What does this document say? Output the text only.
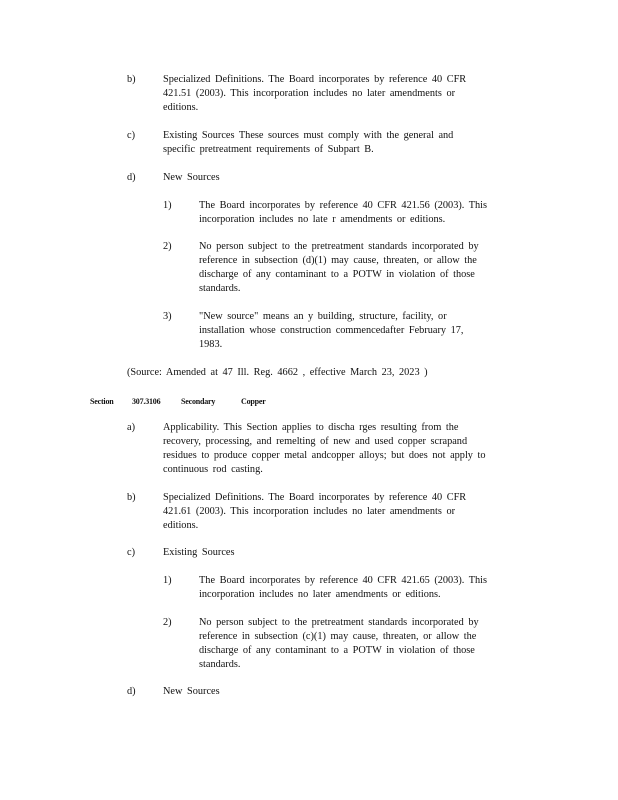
b)	Specialized Definitions. The Board incorporates by reference 40 CFR
421.51 (2003). This incorporation includes no later amendments or
editions.
c)	Existing Sources These sources must comply with the general and
specific pretreatment requirements of Subpart B.
d)	New Sources
1)	The Board incorporates by reference 40 CFR 421.56 (2003). This
incorporation includes no late r amendments or editions.
2)	No person subject to the pretreatment standards incorporated by
reference in subsection (d)(1) may cause, threaten, or allow the
discharge of any contaminant to a POTW in violation of those
standards.
3)	"New source" means an y building, structure, facility, or
installation whose construction commencedafter February 17,
1983.
(Source: Amended at 47 Ill. Reg. 4662 , effective March 23, 2023 )
Section 307.3106	Secondary	Copper
a)	Applicability. This Section applies to discha rges resulting from the
recovery, processing, and remelting of new and used copper scrapand
residues to produce copper metal andcopper alloys; but does not apply to
continuous rod casting.
b)	Specialized Definitions. The Board incorporates by reference 40 CFR
421.61 (2003). This incorporation includes no later amendments or
editions.
c)	Existing Sources
1)	The Board incorporates by reference 40 CFR 421.65 (2003). This
incorporation includes no later amendments or editions.
2)	No person subject to the pretreatment standards incorporated by
reference in subsection (c)(1) may cause, threaten, or allow the
discharge of any contaminant to a POTW in violation of those
standards.
d)	New Sources
